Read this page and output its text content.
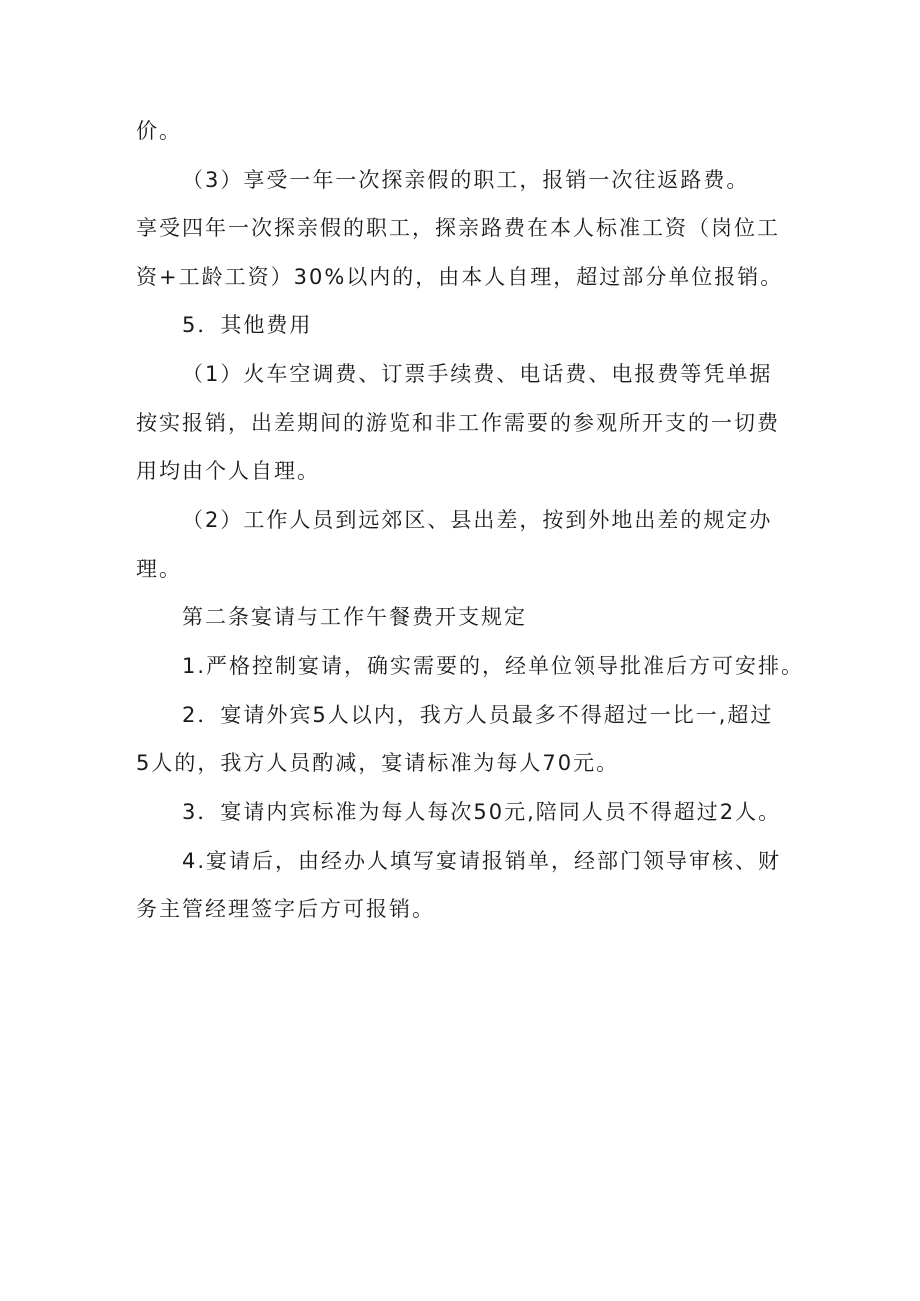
价。
（3）享受一年一次探亲假的职工，报销一次往返路费。
享受四年一次探亲假的职工，探亲路费在本人标准工资（岗位工
资+工龄工资）30%以内的，由本人自理，超过部分单位报销。
5．其他费用
（1）火车空调费、订票手续费、电话费、电报费等凭单据
按实报销，出差期间的游览和非工作需要的参观所开支的一切费
用均由个人自理。
（2）工作人员到远郊区、县出差，按到外地出差的规定办
理。
第二条宴请与工作午餐费开支规定
1.严格控制宴请，确实需要的，经单位领导批准后方可安排。
2．宴请外宾5人以内，我方人员最多不得超过一比一,超过
5人的，我方人员酌减，宴请标准为每人70元。
3．宴请内宾标准为每人每次50元,陪同人员不得超过2人。
4.宴请后，由经办人填写宴请报销单，经部门领导审核、财
务主管经理签字后方可报销。
